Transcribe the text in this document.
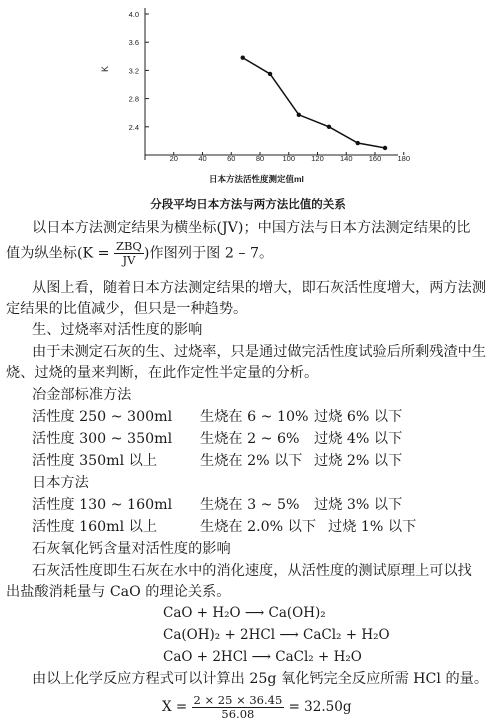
4.0
3.6
3.2
2.8
2.4
20	40	60	80 100 120 140 160 180
K
日本方法活性度测定值ml
分段平均日本方法与两方法比值的关系
以日本方法测定结果为横坐标(JV)；中国方法与日本方法测定结果的比
值为纵坐标($K = \frac{\text{ZBQ}}{JV}$ )作图列于图 2 – 7。
从图上看，随着日本方法测定结果的增大，即石灰活性度增大，两方法测
定结果的比值减少，但只是一种趋势。
生、过烧率对活性度的影响
由于未测定石灰的生、过烧率，只是通过做完活性度试验后所剩残渣中生
烧、过烧的量来判断，在此作定性半定量的分析。
冶金部标准方法
活性度 250 ~ 300ml 生烧在 6 ~ 10% 过烧 6% 以下
活性度 300 ~ 350ml 生烧在 2 ~ 6% 过烧 4% 以下
活性度 350ml 以上	生烧在 2% 以下 过烧 2% 以下
日本方法
活性度 130 ~ 160ml 生烧在 3 ~ 5% 过烧 3% 以下
活性度 160ml 以上	生烧在 2.0% 以下 过烧 1% 以下
石灰氧化钙含量对活性度的影响
石灰活性度即生石灰在水中的消化速度，从活性度的测试原理上可以找
出盐酸消耗量与 CaO 的理论关系。
CaO + H₂O ⟶ Ca(OH)₂
Ca(OH)₂ + 2HCl ⟶ CaCl₂ + H₂O
CaO + 2HCl ⟶ CaCl₂ + H₂O
由以上化学反应方程式可以计算出 25g 氧化钙完全反应所需 HCl 的量。
$X = \frac{2 \times 25 \times 36.45}{56.08} = 32.50g$
